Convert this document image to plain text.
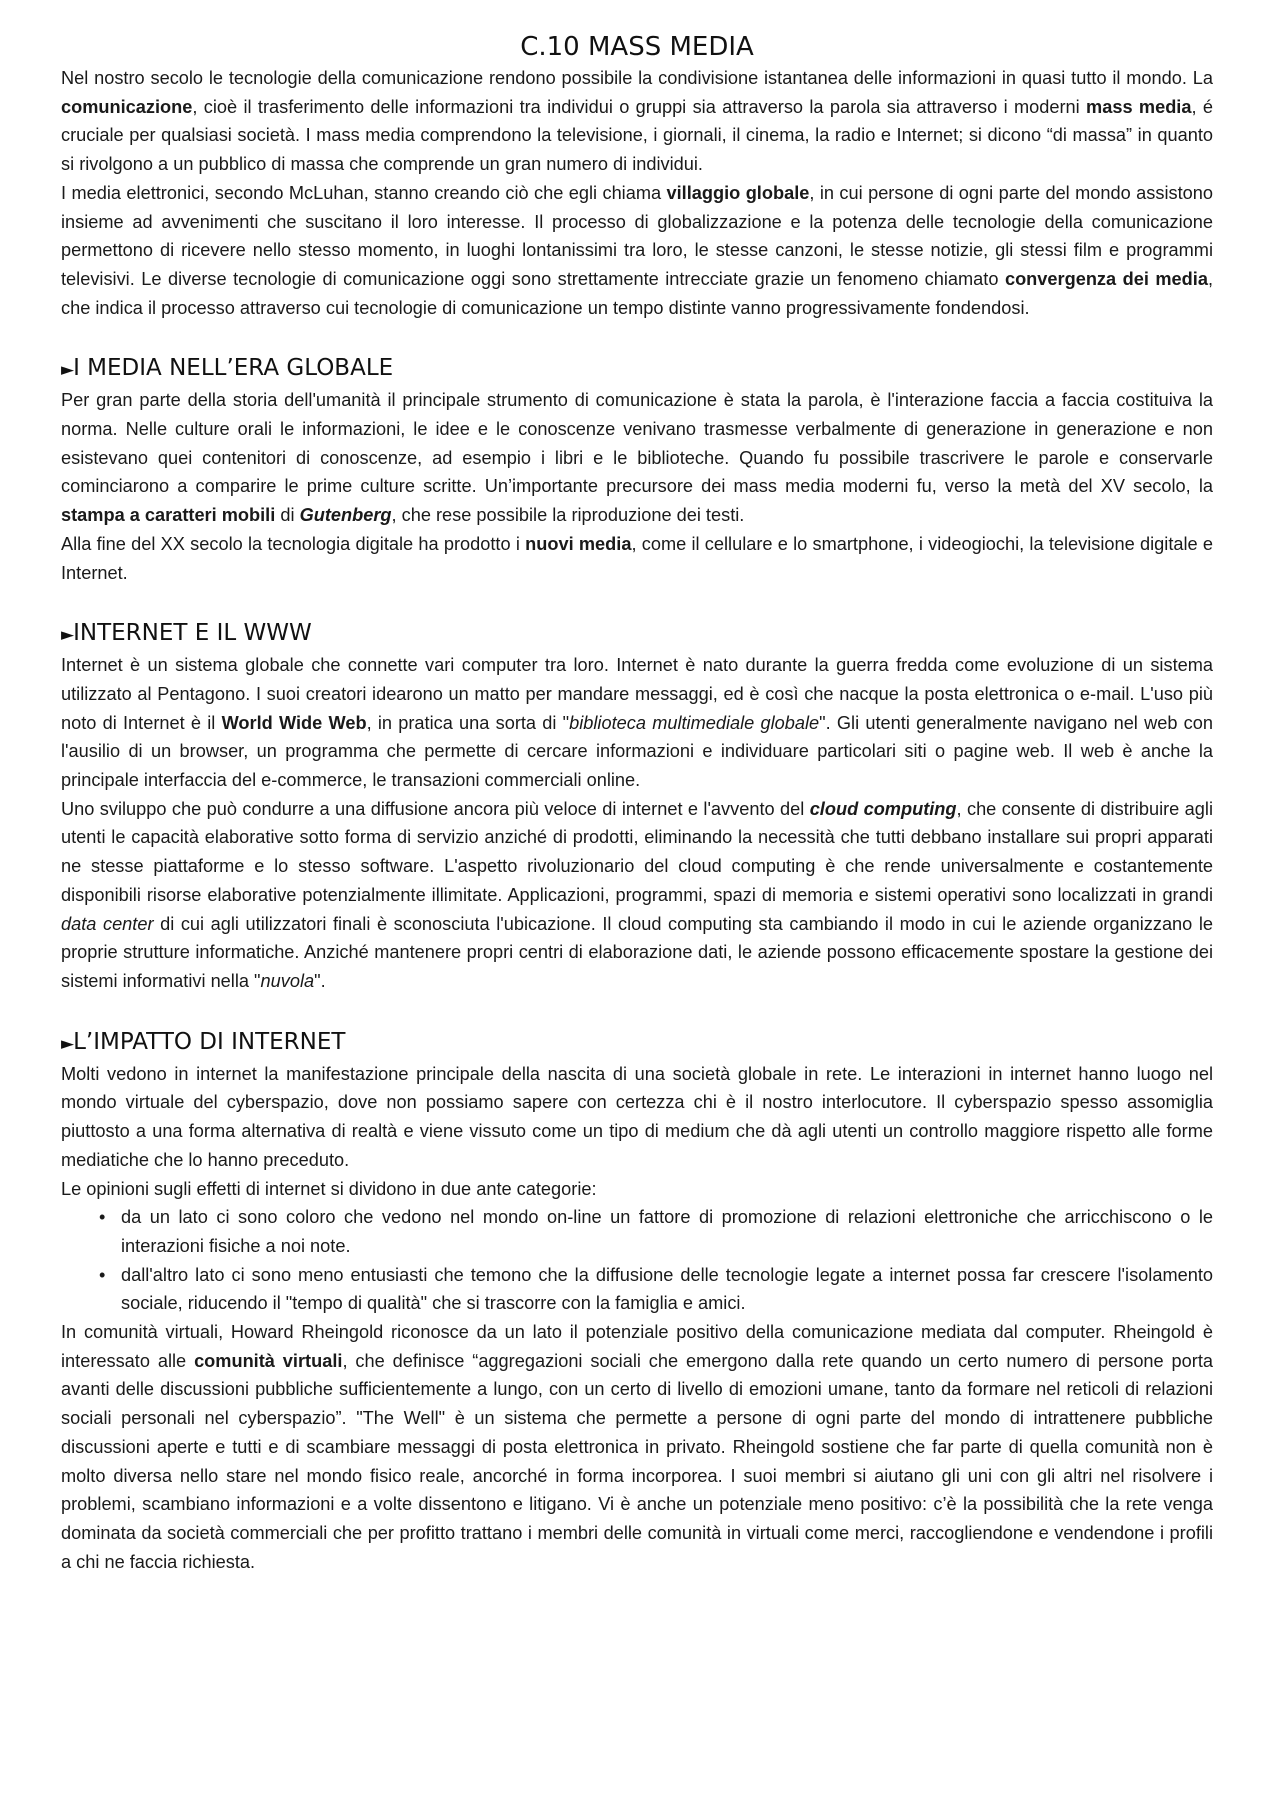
C.10 MASS MEDIA

Nel nostro secolo le tecnologie della comunicazione rendono possibile la condivisione istantanea delle informazioni in quasi tutto il mondo. La comunicazione, cioè il trasferimento delle informazioni tra individui o gruppi sia attraverso la parola sia attraverso i moderni mass media, é cruciale per qualsiasi società. I mass media comprendono la televisione, i giornali, il cinema, la radio e Internet; si dicono “di massa” in quanto si rivolgono a un pubblico di massa che comprende un gran numero di individui.

I media elettronici, secondo McLuhan, stanno creando ciò che egli chiama villaggio globale, in cui persone di ogni parte del mondo assistono insieme ad avvenimenti che suscitano il loro interesse. Il processo di globalizzazione e la potenza delle tecnologie della comunicazione permettono di ricevere nello stesso momento, in luoghi lontanissimi tra loro, le stesse canzoni, le stesse notizie, gli stessi film e programmi televisivi. Le diverse tecnologie di comunicazione oggi sono strettamente intrecciate grazie un fenomeno chiamato convergenza dei media, che indica il processo attraverso cui tecnologie di comunicazione un tempo distinte vanno progressivamente fondendosi.

►I MEDIA NELL’ERA GLOBALE

Per gran parte della storia dell'umanità il principale strumento di comunicazione è stata la parola, è l'interazione faccia a faccia costituiva la norma. Nelle culture orali le informazioni, le idee e le conoscenze venivano trasmesse verbalmente di generazione in generazione e non esistevano quei contenitori di conoscenze, ad esempio i libri e le biblioteche. Quando fu possibile trascrivere le parole e conservarle cominciarono a comparire le prime culture scritte. Un’importante precursore dei mass media moderni fu, verso la metà del XV secolo, la stampa a caratteri mobili di Gutenberg, che rese possibile la riproduzione dei testi.

Alla fine del XX secolo la tecnologia digitale ha prodotto i nuovi media, come il cellulare e lo smartphone, i videogiochi, la televisione digitale e Internet.

►INTERNET E IL WWW

Internet è un sistema globale che connette vari computer tra loro. Internet è nato durante la guerra fredda come evoluzione di un sistema utilizzato al Pentagono. I suoi creatori idearono un matto per mandare messaggi, ed è così che nacque la posta elettronica o e-mail. L'uso più noto di Internet è il World Wide Web, in pratica una sorta di "biblioteca multimediale globale". Gli utenti generalmente navigano nel web con l'ausilio di un browser, un programma che permette di cercare informazioni e individuare particolari siti o pagine web. Il web è anche la principale interfaccia del e-commerce, le transazioni commerciali online.

Uno sviluppo che può condurre a una diffusione ancora più veloce di internet e l'avvento del cloud computing, che consente di distribuire agli utenti le capacità elaborative sotto forma di servizio anziché di prodotti, eliminando la necessità che tutti debbano installare sui propri apparati ne stesse piattaforme e lo stesso software. L'aspetto rivoluzionario del cloud computing è che rende universalmente e costantemente disponibili risorse elaborative potenzialmente illimitate. Applicazioni, programmi, spazi di memoria e sistemi operativi sono localizzati in grandi data center di cui agli utilizzatori finali è sconosciuta l'ubicazione. Il cloud computing sta cambiando il modo in cui le aziende organizzano le proprie strutture informatiche. Anziché mantenere propri centri di elaborazione dati, le aziende possono efficacemente spostare la gestione dei sistemi informativi nella "nuvola".

►L’IMPATTO DI INTERNET

Molti vedono in internet la manifestazione principale della nascita di una società globale in rete. Le interazioni in internet hanno luogo nel mondo virtuale del cyberspazio, dove non possiamo sapere con certezza chi è il nostro interlocutore. Il cyberspazio spesso assomiglia piuttosto a una forma alternativa di realtà e viene vissuto come un tipo di medium che dà agli utenti un controllo maggiore rispetto alle forme mediatiche che lo hanno preceduto.

Le opinioni sugli effetti di internet si dividono in due ante categorie:

• da un lato ci sono coloro che vedono nel mondo on-line un fattore di promozione di relazioni elettroniche che arricchiscono o le interazioni fisiche a noi note.
• dall'altro lato ci sono meno entusiasti che temono che la diffusione delle tecnologie legate a internet possa far crescere l'isolamento sociale, riducendo il "tempo di qualità" che si trascorre con la famiglia e amici.

In comunità virtuali, Howard Rheingold riconosce da un lato il potenziale positivo della comunicazione mediata dal computer. Rheingold è interessato alle comunità virtuali, che definisce “aggregazioni sociali che emergono dalla rete quando un certo numero di persone porta avanti delle discussioni pubbliche sufficientemente a lungo, con un certo di livello di emozioni umane, tanto da formare nel reticoli di relazioni sociali personali nel cyberspazio”. "The Well" è un sistema che permette a persone di ogni parte del mondo di intrattenere pubbliche discussioni aperte e tutti e di scambiare messaggi di posta elettronica in privato. Rheingold sostiene che far parte di quella comunità non è molto diversa nello stare nel mondo fisico reale, ancorché in forma incorporea. I suoi membri si aiutano gli uni con gli altri nel risolvere i problemi, scambiano informazioni e a volte dissentono e litigano. Vi è anche un potenziale meno positivo: c’è la possibilità che la rete venga dominata da società commerciali che per profitto trattano i membri delle comunità in virtuali come merci, raccogliendone e vendendone i profili a chi ne faccia richiesta.
